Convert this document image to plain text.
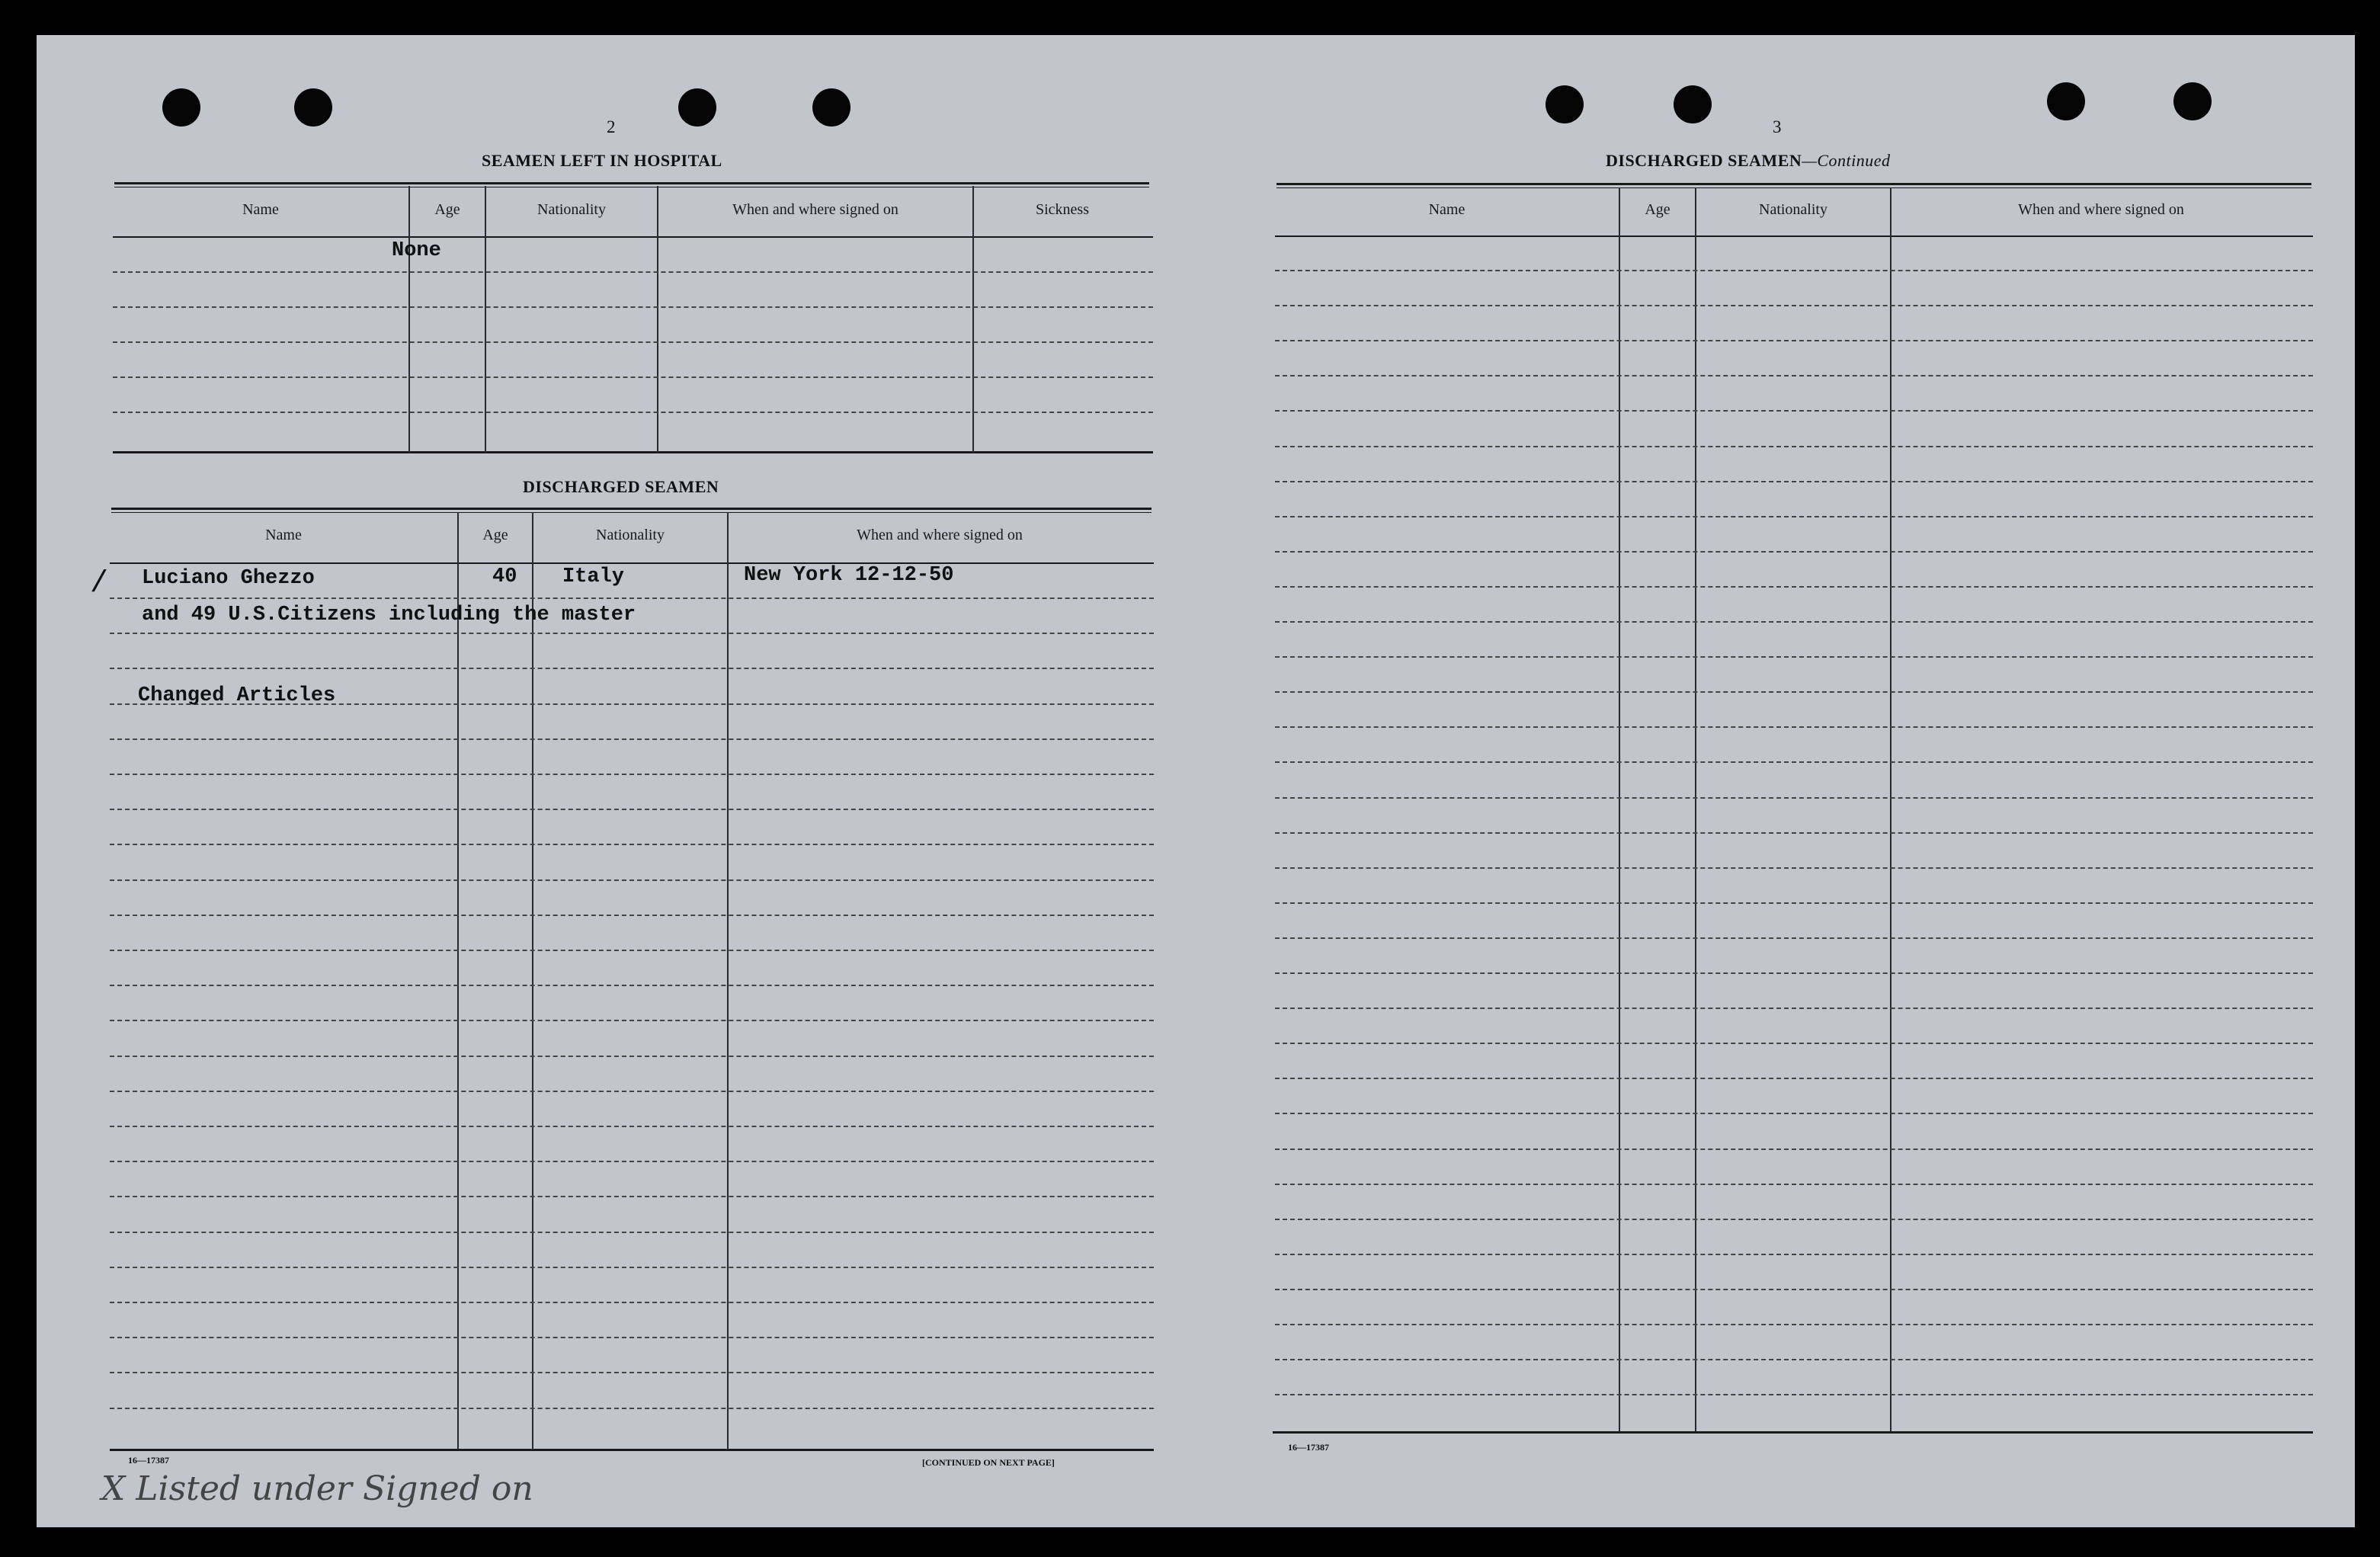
2
SEAMEN LEFT IN HOSPITAL
Name	Age	Nationality	When and where signed on	Sickness
None
DISCHARGED SEAMEN
Name	Age	Nationality	When and where signed on
/ Luciano Ghezzo	40 Italy	New York 12-12-50
and 49 U.S.Citizens including the master
Changed Articles
16—17387	[CONTINUED ON NEXT PAGE]
X Listed under Signed on
3
DISCHARGED SEAMEN—Continued
Name	Age	Nationality	When and where signed on
16—17387
